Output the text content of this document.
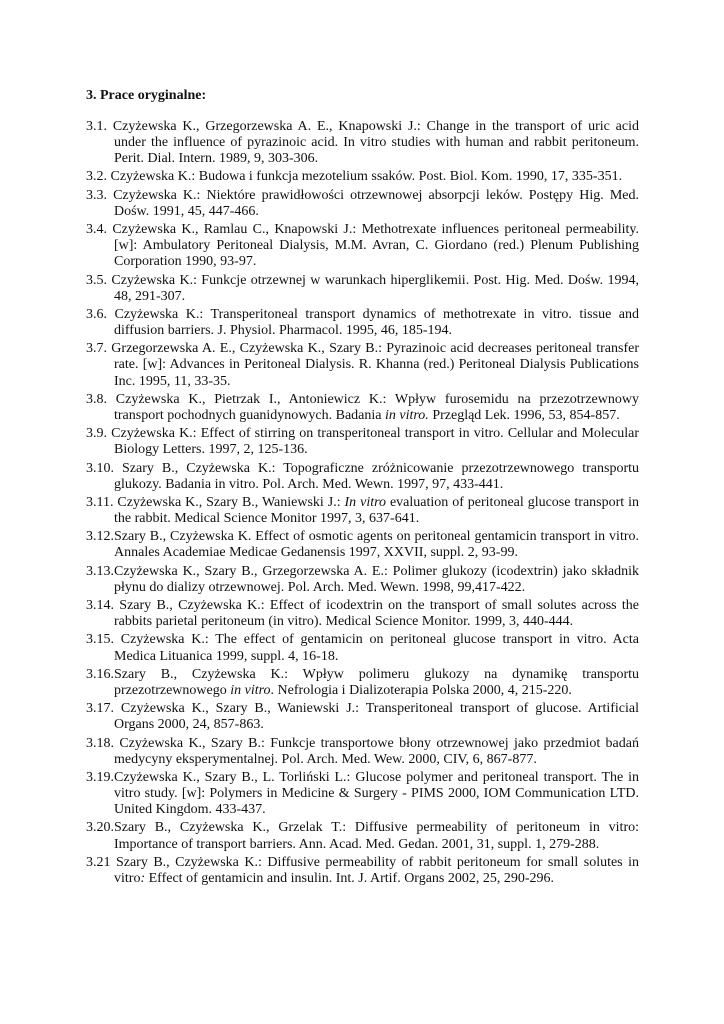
3. Prace oryginalne:
3.1. Czyżewska K., Grzegorzewska A. E., Knapowski J.: Change in the transport of uric acid under the influence of pyrazinoic acid. In vitro studies with human and rabbit peritoneum. Perit. Dial. Intern. 1989, 9, 303-306.
3.2. Czyżewska K.: Budowa i funkcja mezotelium ssaków. Post. Biol. Kom. 1990, 17, 335-351.
3.3. Czyżewska K.: Niektóre prawidłowości otrzewnowej absorpcji leków. Postępy Hig. Med. Dośw. 1991, 45, 447-466.
3.4. Czyżewska K., Ramlau C., Knapowski J.: Methotrexate influences peritoneal permeability. [w]: Ambulatory Peritoneal Dialysis, M.M. Avran, C. Giordano (red.) Plenum Publishing Corporation 1990, 93-97.
3.5. Czyżewska K.: Funkcje otrzewnej w warunkach hiperglikemii. Post. Hig. Med. Dośw. 1994, 48, 291-307.
3.6. Czyżewska K.: Transperitoneal transport dynamics of methotrexate in vitro. tissue and diffusion barriers. J. Physiol. Pharmacol. 1995, 46, 185-194.
3.7. Grzegorzewska A. E., Czyżewska K., Szary B.: Pyrazinoic acid decreases peritoneal transfer rate. [w]: Advances in Peritoneal Dialysis. R. Khanna (red.) Peritoneal Dialysis Publications Inc. 1995, 11, 33-35.
3.8. Czyżewska K., Pietrzak I., Antoniewicz K.: Wpływ furosemidu na przezotrzewnowy transport pochodnych guanidynowych. Badania in vitro. Przegląd Lek. 1996, 53, 854-857.
3.9. Czyżewska K.: Effect of stirring on transperitoneal transport in vitro. Cellular and Molecular Biology Letters. 1997, 2, 125-136.
3.10. Szary B., Czyżewska K.: Topograficzne zróżnicowanie przezotrzewnowego transportu glukozy. Badania in vitro. Pol. Arch. Med. Wewn. 1997, 97, 433-441.
3.11. Czyżewska K., Szary B., Waniewski J.: In vitro evaluation of peritoneal glucose transport in the rabbit. Medical Science Monitor 1997, 3, 637-641.
3.12.Szary B., Czyżewska K. Effect of osmotic agents on peritoneal gentamicin transport in vitro. Annales Academiae Medicae Gedanensis 1997, XXVII, suppl. 2, 93-99.
3.13.Czyżewska K., Szary B., Grzegorzewska A. E.: Polimer glukozy (icodextrin) jako składnik płynu do dializy otrzewnowej. Pol. Arch. Med. Wewn. 1998, 99,417-422.
3.14. Szary B., Czyżewska K.: Effect of icodextrin on the transport of small solutes across the rabbits parietal peritoneum (in vitro). Medical Science Monitor. 1999, 3, 440-444.
3.15. Czyżewska K.: The effect of gentamicin on peritoneal glucose transport in vitro. Acta Medica Lituanica 1999, suppl. 4, 16-18.
3.16.Szary B., Czyżewska K.: Wpływ polimeru glukozy na dynamikę transportu przezotrzewnowego in vitro. Nefrologia i Dializoterapia Polska 2000, 4, 215-220.
3.17. Czyżewska K., Szary B., Waniewski J.: Transperitoneal transport of glucose. Artificial Organs 2000, 24, 857-863.
3.18. Czyżewska K., Szary B.: Funkcje transportowe błony otrzewnowej jako przedmiot badań medycyny eksperymentalnej. Pol. Arch. Med. Wew. 2000, CIV, 6, 867-877.
3.19.Czyżewska K., Szary B., L. Torliński L.: Glucose polymer and peritoneal transport. The in vitro study. [w]: Polymers in Medicine & Surgery - PIMS 2000, IOM Communication LTD. United Kingdom. 433-437.
3.20.Szary B., Czyżewska K., Grzelak T.: Diffusive permeability of peritoneum in vitro: Importance of transport barriers. Ann. Acad. Med. Gedan. 2001, 31, suppl. 1, 279-288.
3.21 Szary B., Czyżewska K.: Diffusive permeability of rabbit peritoneum for small solutes in vitro: Effect of gentamicin and insulin. Int. J. Artif. Organs 2002, 25, 290-296.
